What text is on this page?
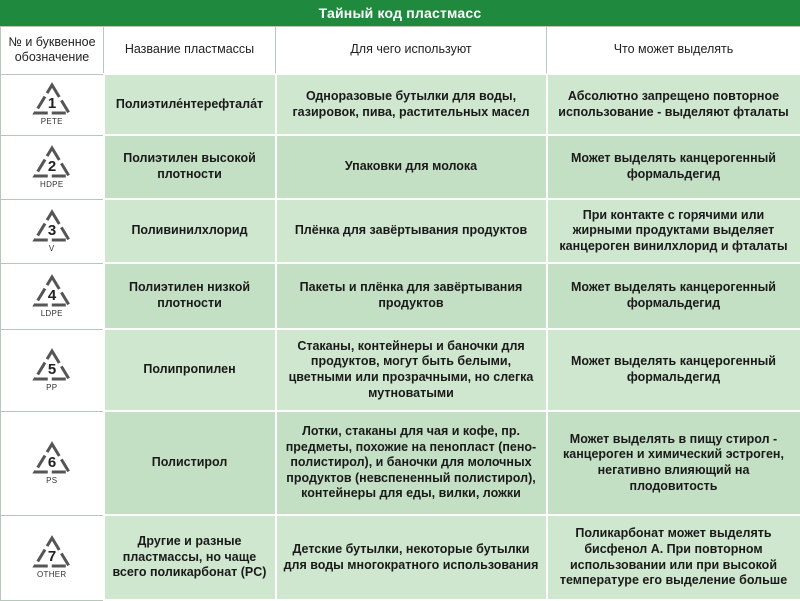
Тайный код пластмасс
№ и буквенное обозначение	Название пластмассы	Для чего используют	Что может выделять

1
PETE	Полиэтиле́нтерефтала́т	Одноразовые бутылки для воды, газировок, пива, растительных масел	Абсолютно запрещено повторное использование - выделяют фталаты

2
HDPE	Полиэтилен высокой плотности	Упаковки для молока	Может выделять канцерогенный формальдегид

3
V	Поливинилхлорид	Плёнка для завёртывания продуктов	При контакте с горячими или жирными продуктами выделяет канцероген винилхлорид и фталаты

4
LDPE	Полиэтилен низкой плотности	Пакеты и плёнка для завёртывания продуктов	Может выделять канцерогенный формальдегид

5
PP	Полипропилен	Стаканы, контейнеры и баночки для продуктов, могут быть белыми, цветными или прозрачными, но слегка мутноватыми	Может выделять канцерогенный формальдегид

6
PS	Полистирол	Лотки, стаканы для чая и кофе, пр. предметы, похожие на пенопласт (пено- полистирол), и баночки для молочных продуктов (невспененный полистирол), контейнеры для еды, вилки, ложки	Может выделять в пищу стирол - канцероген и химический эстроген, негативно влияющий на плодовитость

7
OTHER	Другие и разные пластмассы, но чаще всего поликарбонат (PC)	Детские бутылки, некоторые бутылки для воды многократного использования	Поликарбонат может выделять бисфенол А. При повторном использовании или при высокой температуре его выделение больше
